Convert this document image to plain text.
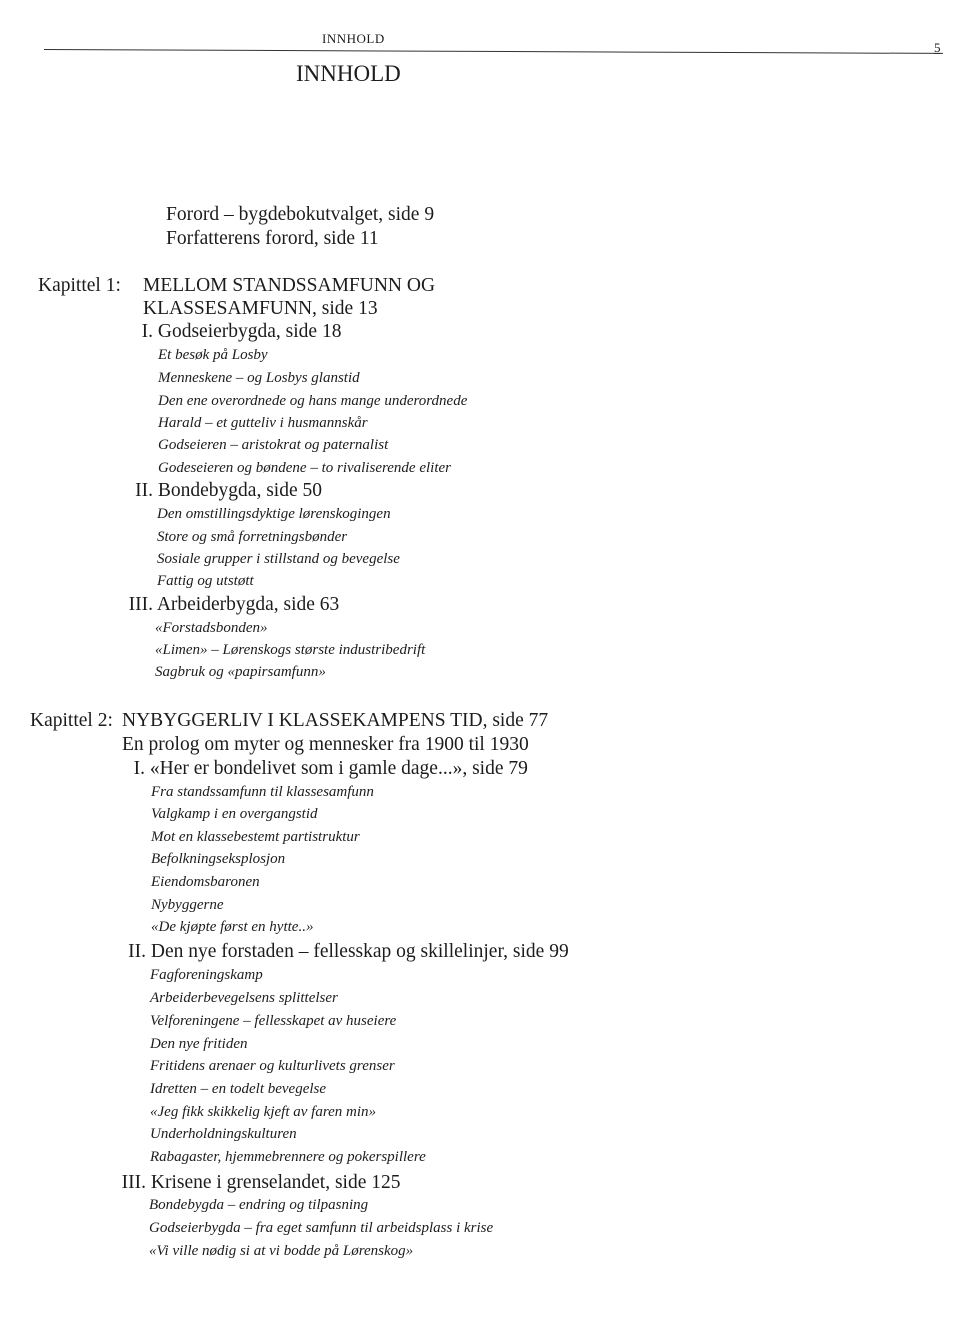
INNHOLD
5
INNHOLD
Forord – bygdebokutvalget, side 9
Forfatterens forord, side 11
Kapittel 1: MELLOM STANDSSAMFUNN OG
KLASSESAMFUNN, side 13
I. Godseierbygda, side 18
Et besøk på Losby
Menneskene – og Losbys glanstid
Den ene overordnede og hans mange underordnede
Harald – et gutteliv i husmannskår
Godseieren – aristokrat og paternalist
Godeseieren og bøndene – to rivaliserende eliter
II. Bondebygda, side 50
Den omstillingsdyktige lørenskogingen
Store og små forretningsbønder
Sosiale grupper i stillstand og bevegelse
Fattig og utstøtt
III. Arbeiderbygda, side 63
«Forstadsbonden»
«Limen» – Lørenskogs største industribedrift
Sagbruk og «papirsamfunn»
Kapittel 2: NYBYGGERLIV I KLASSEKAMPENS TID, side 77
En prolog om myter og mennesker fra 1900 til 1930
I. «Her er bondelivet som i gamle dage...», side 79
Fra standssamfunn til klassesamfunn
Valgkamp i en overgangstid
Mot en klassebestemt partistruktur
Befolkningseksplosjon
Eiendomsbaronen
Nybyggerne
«De kjøpte først en hytte..»
II. Den nye forstaden – fellesskap og skillelinjer, side 99
Fagforeningskamp
Arbeiderbevegelsens splittelser
Velforeningene – fellesskapet av huseiere
Den nye fritiden
Fritidens arenaer og kulturlivets grenser
Idretten – en todelt bevegelse
«Jeg fikk skikkelig kjeft av faren min»
Underholdningskulturen
Rabagaster, hjemmebrennere og pokerspillere
III. Krisene i grenselandet, side 125
Bondebygda – endring og tilpasning
Godseierbygda – fra eget samfunn til arbeidsplass i krise
«Vi ville nødig si at vi bodde på Lørenskog»
